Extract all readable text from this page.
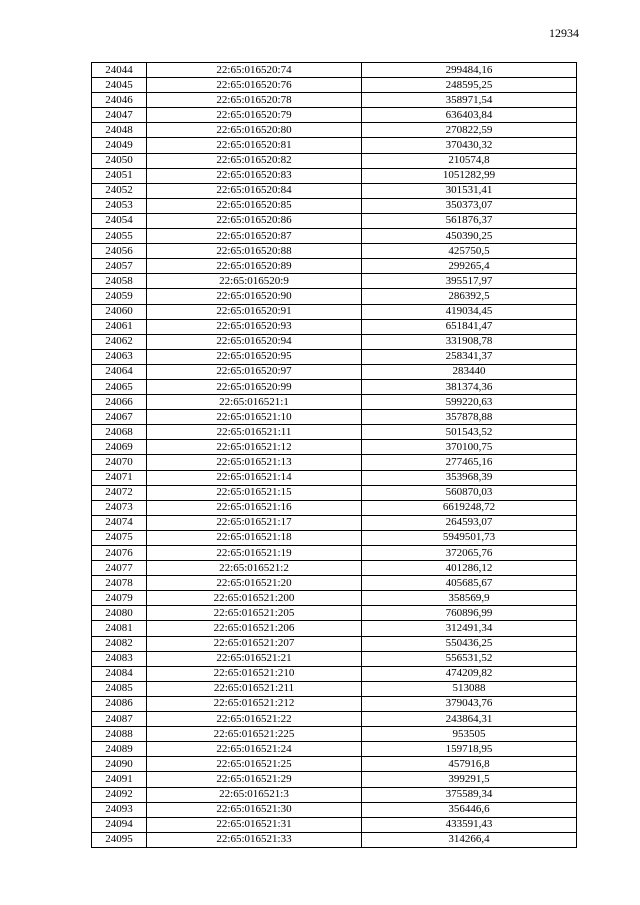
12934
24044	22:65:016520:74	299484,16
24045	22:65:016520:76	248595,25
24046	22:65:016520:78	358971,54
24047	22:65:016520:79	636403,84
24048	22:65:016520:80	270822,59
24049	22:65:016520:81	370430,32
24050	22:65:016520:82	210574,8
24051	22:65:016520:83	1051282,99
24052	22:65:016520:84	301531,41
24053	22:65:016520:85	350373,07
24054	22:65:016520:86	561876,37
24055	22:65:016520:87	450390,25
24056	22:65:016520:88	425750,5
24057	22:65:016520:89	299265,4
24058	22:65:016520:9	395517,97
24059	22:65:016520:90	286392,5
24060	22:65:016520:91	419034,45
24061	22:65:016520:93	651841,47
24062	22:65:016520:94	331908,78
24063	22:65:016520:95	258341,37
24064	22:65:016520:97	283440
24065	22:65:016520:99	381374,36
24066	22:65:016521:1	599220,63
24067	22:65:016521:10	357878,88
24068	22:65:016521:11	501543,52
24069	22:65:016521:12	370100,75
24070	22:65:016521:13	277465,16
24071	22:65:016521:14	353968,39
24072	22:65:016521:15	560870,03
24073	22:65:016521:16	6619248,72
24074	22:65:016521:17	264593,07
24075	22:65:016521:18	5949501,73
24076	22:65:016521:19	372065,76
24077	22:65:016521:2	401286,12
24078	22:65:016521:20	405685,67
24079	22:65:016521:200	358569,9
24080	22:65:016521:205	760896,99
24081	22:65:016521:206	312491,34
24082	22:65:016521:207	550436,25
24083	22:65:016521:21	556531,52
24084	22:65:016521:210	474209,82
24085	22:65:016521:211	513088
24086	22:65:016521:212	379043,76
24087	22:65:016521:22	243864,31
24088	22:65:016521:225	953505
24089	22:65:016521:24	159718,95
24090	22:65:016521:25	457916,8
24091	22:65:016521:29	399291,5
24092	22:65:016521:3	375589,34
24093	22:65:016521:30	356446,6
24094	22:65:016521:31	433591,43
24095	22:65:016521:33	314266,4
